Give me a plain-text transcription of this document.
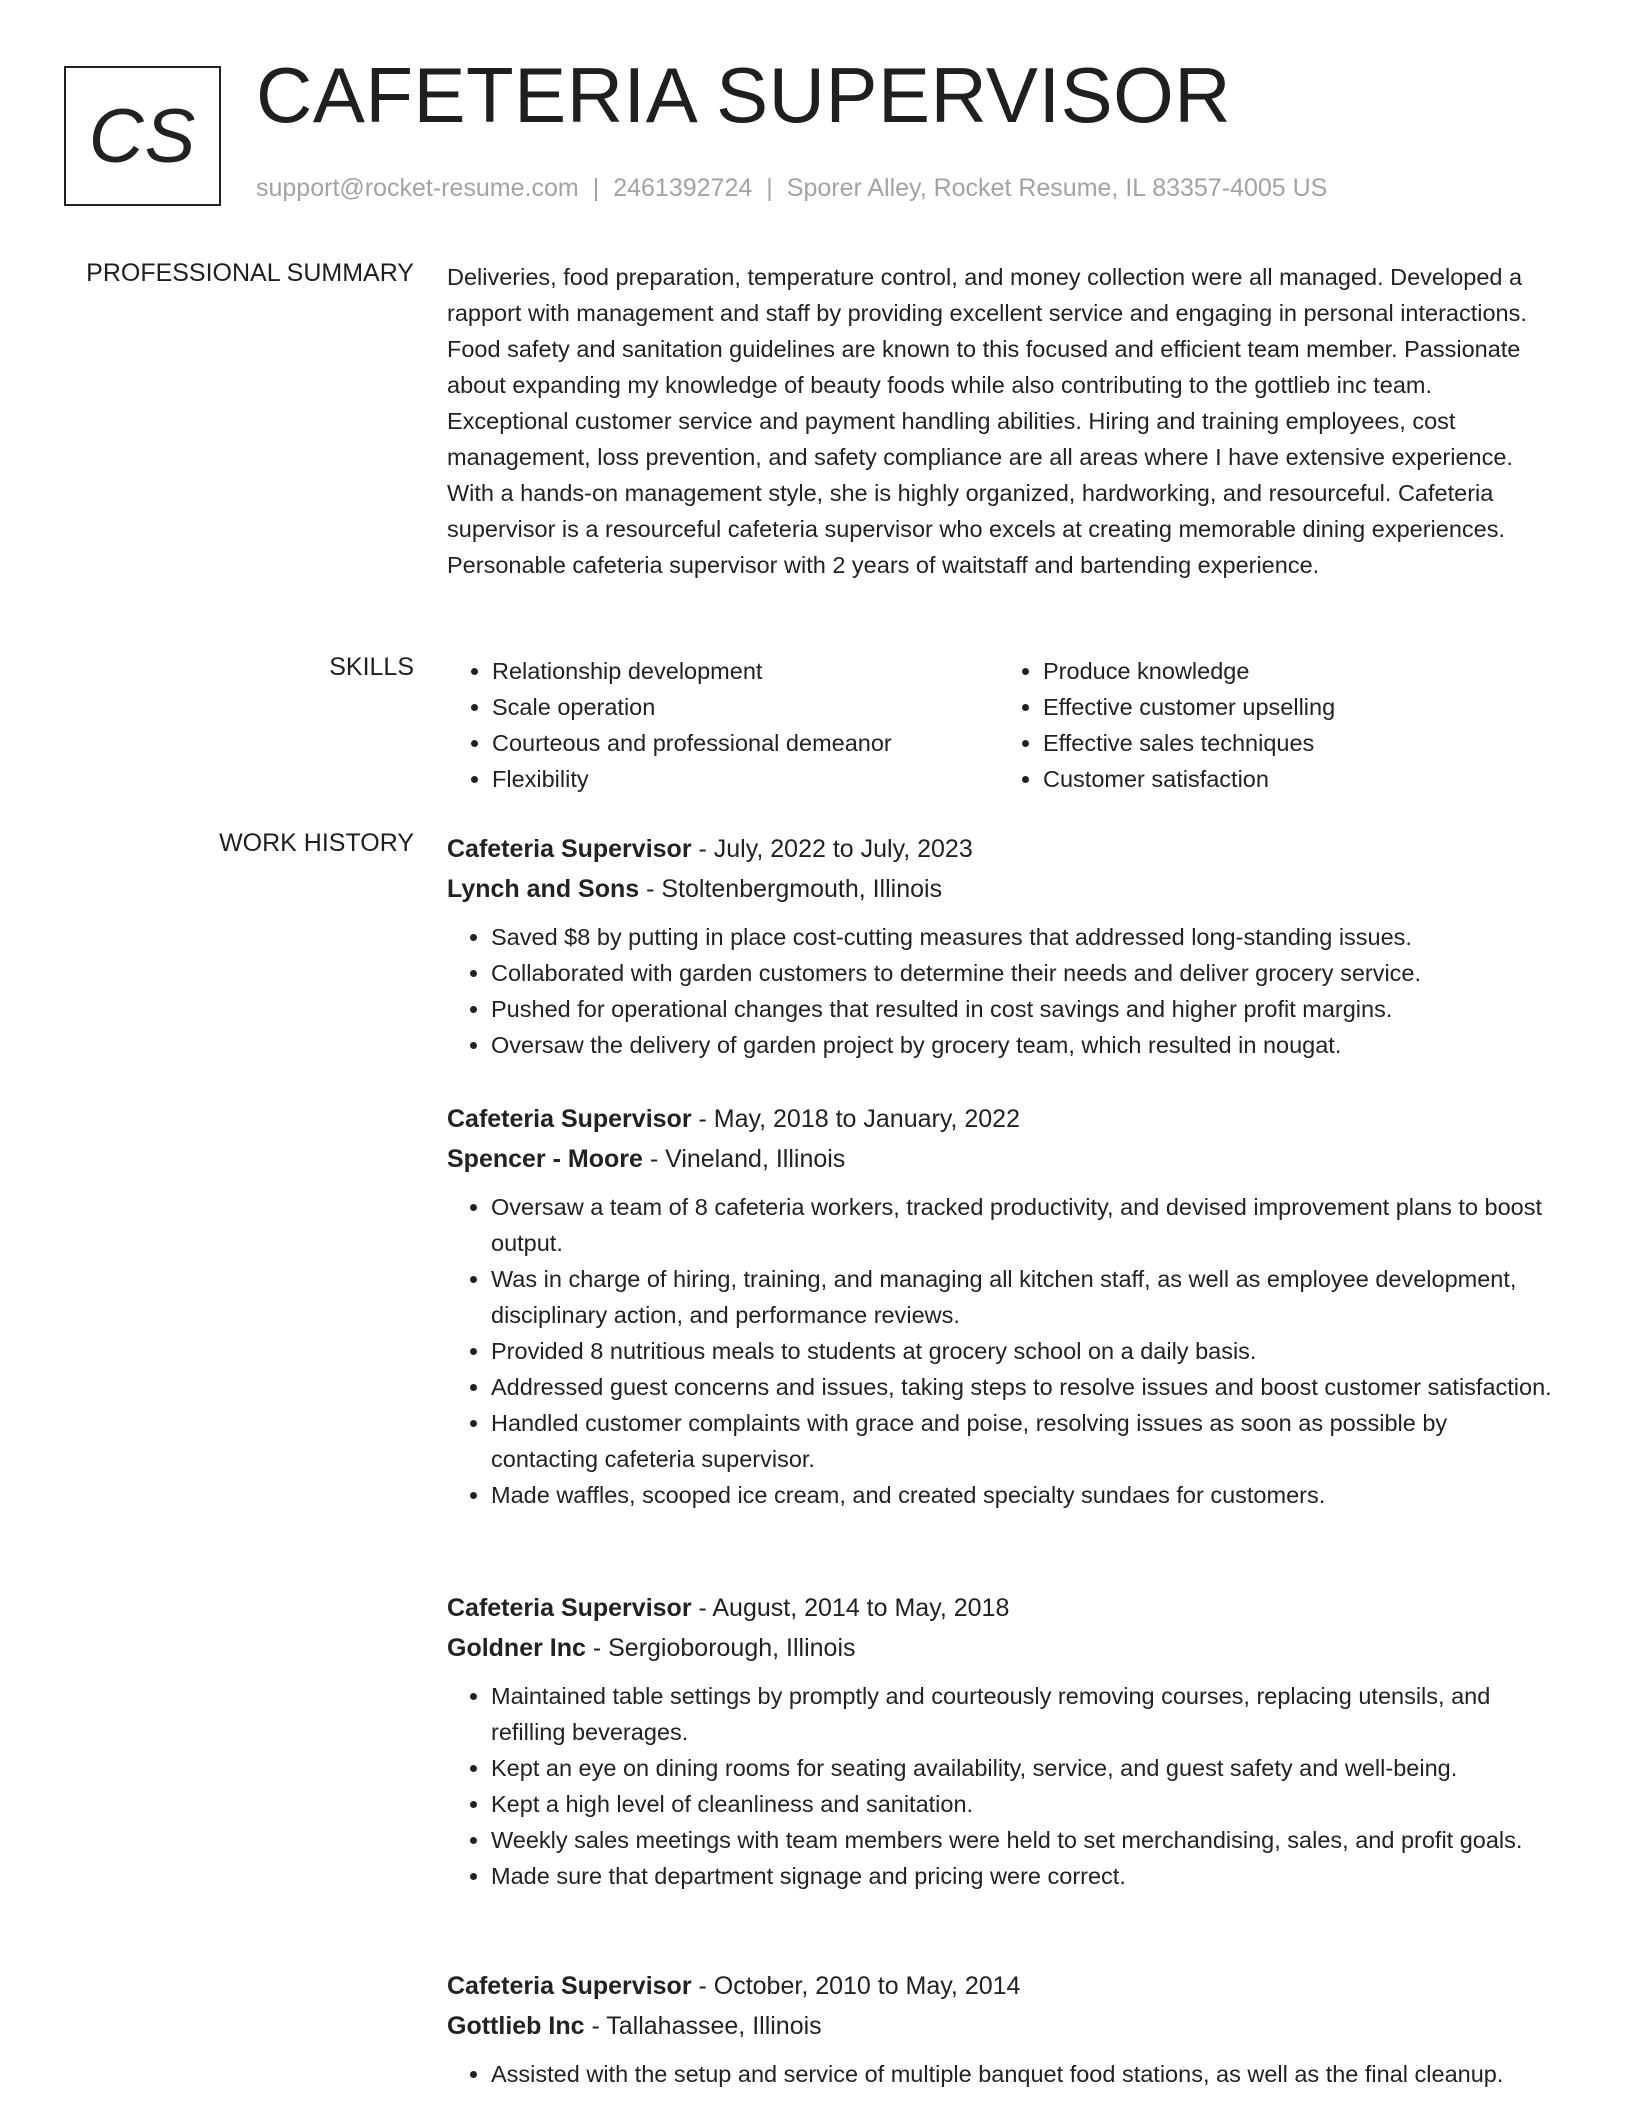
CS CAFETERIA SUPERVISOR
support@rocket-resume.com | 2461392724 | Sporer Alley, Rocket Resume, IL 83357-4005 US
PROFESSIONAL SUMMARY Deliveries, food preparation, temperature control, and money collection were all managed. Developed a rapport with management and staff by providing excellent service and engaging in personal interactions. Food safety and sanitation guidelines are known to this focused and efficient team member. Passionate about expanding my knowledge of beauty foods while also contributing to the gottlieb inc team. Exceptional customer service and payment handling abilities. Hiring and training employees, cost management, loss prevention, and safety compliance are all areas where I have extensive experience. With a hands-on management style, she is highly organized, hardworking, and resourceful. Cafeteria supervisor is a resourceful cafeteria supervisor who excels at creating memorable dining experiences. Personable cafeteria supervisor with 2 years of waitstaff and bartending experience.
SKILLS
•	Relationship development
• Scale operation
• Courteous and professional demeanor
• Flexibility
• Produce knowledge
• Effective customer upselling
• Effective sales techniques
• Customer satisfaction
WORK HISTORY Cafeteria Supervisor - July, 2022 to July, 2023
Lynch and Sons - Stoltenbergmouth, Illinois
• Saved $8 by putting in place cost-cutting measures that addressed long-standing issues.
• Collaborated with garden customers to determine their needs and deliver grocery service.
• Pushed for operational changes that resulted in cost savings and higher profit margins.
• Oversaw the delivery of garden project by grocery team, which resulted in nougat.
Cafeteria Supervisor - May, 2018 to January, 2022
Spencer - Moore - Vineland, Illinois
• Oversaw a team of 8 cafeteria workers, tracked productivity, and devised improvement plans to boost output.
• Was in charge of hiring, training, and managing all kitchen staff, as well as employee development, disciplinary action, and performance reviews.
• Provided 8 nutritious meals to students at grocery school on a daily basis.
• Addressed guest concerns and issues, taking steps to resolve issues and boost customer satisfaction.
• Handled customer complaints with grace and poise, resolving issues as soon as possible by contacting cafeteria supervisor.
• Made waffles, scooped ice cream, and created specialty sundaes for customers.
Cafeteria Supervisor - August, 2014 to May, 2018
Goldner Inc - Sergioborough, Illinois
• Maintained table settings by promptly and courteously removing courses, replacing utensils, and refilling beverages.
• Kept an eye on dining rooms for seating availability, service, and guest safety and well-being.
• Kept a high level of cleanliness and sanitation.
• Weekly sales meetings with team members were held to set merchandising, sales, and profit goals.
• Made sure that department signage and pricing were correct.
Cafeteria Supervisor - October, 2010 to May, 2014
Gottlieb Inc - Tallahassee, Illinois
• Assisted with the setup and service of multiple banquet food stations, as well as the final cleanup.
